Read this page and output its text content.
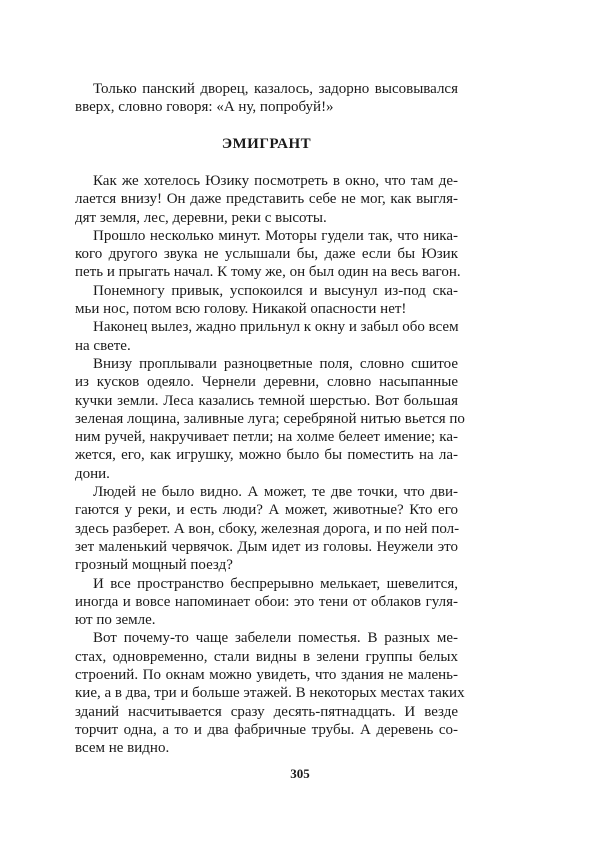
Только панский дворец, казалось, задорно высовывался
вверх, словно говоря: «А ну, попробуй!»
ЭМИГРАНТ
Как же хотелось Юзику посмотреть в окно, что там де-
лается внизу! Он даже представить себе не мог, как выгля-
дят земля, лес, деревни, реки с высоты.
Прошло несколько минут. Моторы гудели так, что ника-
кого другого звука не услышали бы, даже если бы Юзик
петь и прыгать начал. К тому же, он был один на весь вагон.
Понемногу привык, успокоился и высунул из-под ска-
мьи нос, потом всю голову. Никакой опасности нет!
Наконец вылез, жадно прильнул к окну и забыл обо всем
на свете.
Внизу проплывали разноцветные поля, словно сшитое
из кусков одеяло. Чернели деревни, словно насыпанные
кучки земли. Леса казались темной шерстью. Вот большая
зеленая лощина, заливные луга; серебряной нитью вьется по
ним ручей, накручивает петли; на холме белеет имение; ка-
жется, его, как игрушку, можно было бы поместить на ла-
дони.
Людей не было видно. А может, те две точки, что дви-
гаются у реки, и есть люди? А может, животные? Кто его
здесь разберет. А вон, сбоку, железная дорога, и по ней пол-
зет маленький червячок. Дым идет из головы. Неужели это
грозный мощный поезд?
И все пространство беспрерывно мелькает, шевелится,
иногда и вовсе напоминает обои: это тени от облаков гуля-
ют по земле.
Вот почему-то чаще забелели поместья. В разных ме-
стах, одновременно, стали видны в зелени группы белых
строений. По окнам можно увидеть, что здания не малень-
кие, а в два, три и больше этажей. В некоторых местах таких
зданий насчитывается сразу десять-пятнадцать. И везде
торчит одна, а то и два фабричные трубы. А деревень со-
всем не видно.
305
